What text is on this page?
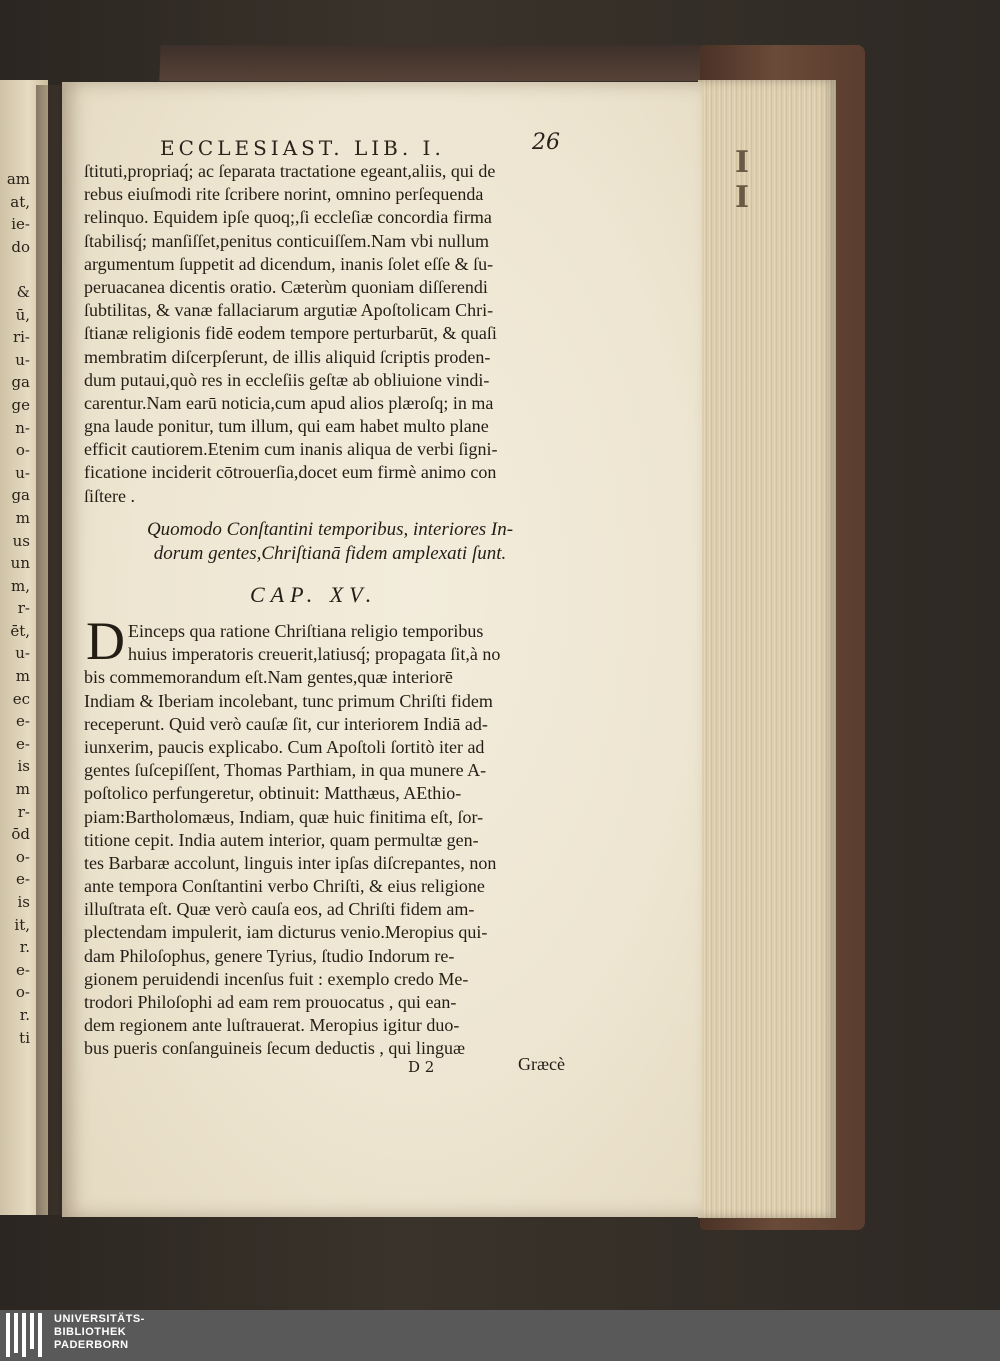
am
at,
ie-
do
&
ū,
ri-
u-
ga
ge
n-
o-
u-
ga
m
us
un
m,
r-
ēt,
u-
m
ec
e-
e-
is
m
r-
ōd
o-
e-
is
it,
r.
e-
o-
r.
ti
ECCLESIAST. LIB. I.	26
I I
ſtituti,propriaq́; ac ſeparata tractatione egeant,aliis, qui de
rebus eiuſmodi rite ſcribere norint, omnino perſequenda
relinquo. Equidem ipſe quoq;,ſi eccleſiæ concordia firma
ſtabilisq́; manſiſſet,penitus conticuiſſem.Nam vbi nullum
argumentum ſuppetit ad dicendum, inanis ſolet eſſe & ſu-
peruacanea dicentis oratio. Cæterùm quoniam diſſerendi
ſubtilitas, & vanæ fallaciarum argutiæ Apoſtolicam Chri-
ſtianæ religionis fidē eodem tempore perturbarūt, & quaſi
membratim diſcerpſerunt, de illis aliquid ſcriptis proden-
dum putaui,quò res in eccleſiis geſtæ ab obliuione vindi-
carentur.Nam earū noticia,cum apud alios plæroſq; in ma
gna laude ponitur, tum illum, qui eam habet multo plane
efficit cautiorem.Etenim cum inanis aliqua de verbi ſigni-
ficatione inciderit cōtrouerſia,docet eum firmè animo con
ſiſtere .
Quomodo Conſtantini temporibus, interiores In-
dorum gentes,Chriſtianā fidem amplexati ſunt.
CAP. XV.
D Einceps qua ratione Chriſtiana religio temporibus
huius imperatoris creuerit,latiusq́; propagata ſit,à no
bis commemorandum eſt.Nam gentes,quæ interiorē
Indiam & Iberiam incolebant, tunc primum Chriſti fidem
receperunt. Quid verò cauſæ ſit, cur interiorem Indiā ad-
iunxerim, paucis explicabo. Cum Apoſtoli ſortitò iter ad
gentes ſuſcepiſſent, Thomas Parthiam, in qua munere A-
poſtolico perfungeretur, obtinuit: Matthæus, AEthio-
piam:Bartholomæus, Indiam, quæ huic finitima eſt, ſor-
titione cepit. India autem interior, quam permultæ gen-
tes Barbaræ accolunt, linguis inter ipſas diſcrepantes, non
ante tempora Conſtantini verbo Chriſti, & eius religione
illuſtrata eſt. Quæ verò cauſa eos, ad Chriſti fidem am-
plectendam impulerit, iam dicturus venio.Meropius qui-
dam Philoſophus, genere Tyrius, ſtudio Indorum re-
gionem peruidendi incenſus fuit : exemplo credo Me-
trodori Philoſophi ad eam rem prouocatus , qui ean-
dem regionem ante luſtrauerat. Meropius igitur duo-
bus pueris conſanguineis ſecum deductis , qui linguæ
D 2	Græcè
UNIVERSITÄTS-
BIBLIOTHEK
PADERBORN
